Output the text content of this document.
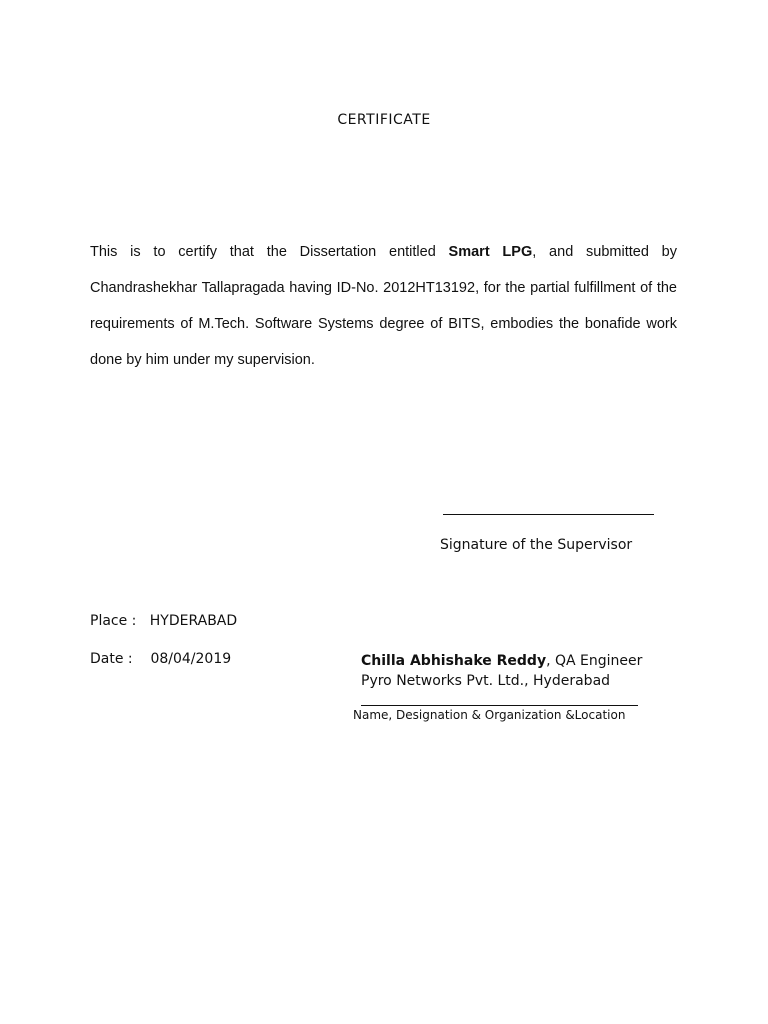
CERTIFICATE
This is to certify that the Dissertation entitled Smart LPG, and submitted by Chandrashekhar Tallapragada having ID-No. 2012HT13192, for the partial fulfillment of the requirements of M.Tech. Software Systems degree of BITS, embodies the bonafide work done by him under my supervision.
Signature of the Supervisor
Place : HYDERABAD
Date : 08/04/2019	Chilla Abhishake Reddy, QA Engineer
Pyro Networks Pvt. Ltd., Hyderabad
Name, Designation & Organization &Location
